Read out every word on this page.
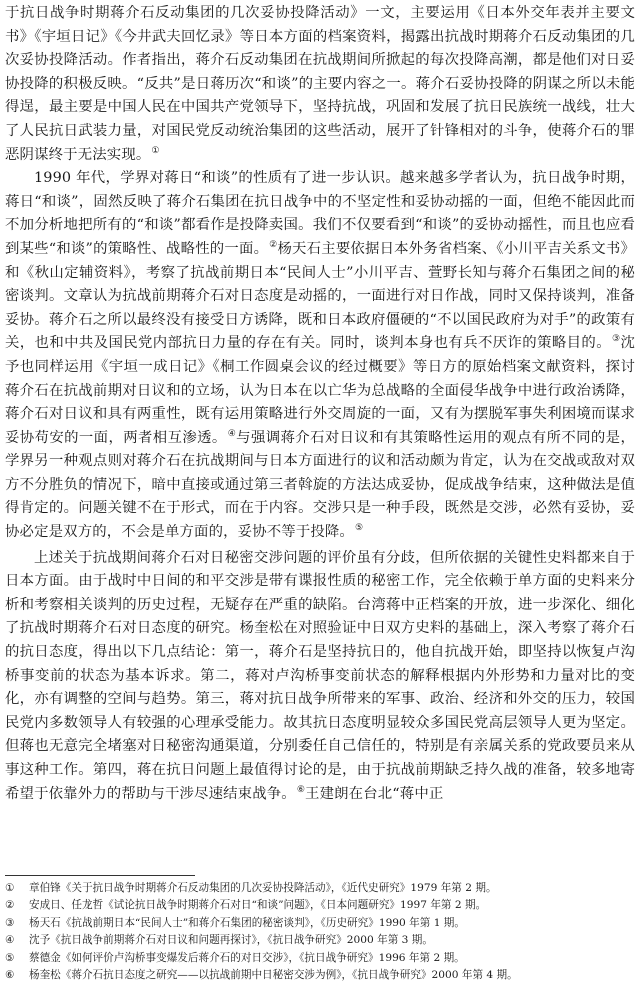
于抗日战争时期蒋介石反动集团的几次妥协投降活动》一文，主要运用《日本外交年表并主要文书》《宇垣日记》《今井武夫回忆录》等日本方面的档案资料，揭露出抗战时期蒋介石反动集团的几次妥协投降活动。作者指出，蒋介石反动集团在抗战期间所掀起的每次投降高潮，都是他们对日妥协投降的积极反映。“反共”是日蒋历次“和谈”的主要内容之一。蒋介石妥协投降的阴谋之所以未能得逞，最主要是中国人民在中国共产党领导下，坚持抗战，巩固和发展了抗日民族统一战线，壮大了人民抗日武装力量，对国民党反动统治集团的这些活动，展开了针锋相对的斗争，使蒋介石的罪恶阴谋终于无法实现。①

1990 年代，学界对蒋日“和谈”的性质有了进一步认识。越来越多学者认为，抗日战争时期，蒋日“和谈”，固然反映了蒋介石集团在抗日战争中的不坚定性和妥协动摇的一面，但绝不能因此而不加分析地把所有的“和谈”都看作是投降卖国。我们不仅要看到“和谈”的妥协动摇性，而且也应看到某些“和谈”的策略性、战略性的一面。②杨天石主要依据日本外务省档案、《小川平吉关系文书》和《秋山定辅资料》，考察了抗战前期日本“民间人士”小川平吉、萱野长知与蒋介石集团之间的秘密谈判。文章认为抗战前期蒋介石对日态度是动摇的，一面进行对日作战，同时又保持谈判，准备妥协。蒋介石之所以最终没有接受日方诱降，既和日本政府僵硬的“不以国民政府为对手”的政策有关，也和中共及国民党内部抗日力量的存在有关。同时，谈判本身也有兵不厌诈的策略目的。③沈予也同样运用《宇垣一成日记》《桐工作圆桌会议的经过概要》等日方的原始档案文献资料，探讨蒋介石在抗战前期对日议和的立场，认为日本在以亡华为总战略的全面侵华战争中进行政治诱降，蒋介石对日议和具有两重性，既有运用策略进行外交周旋的一面，又有为摆脱军事失利困境而谋求妥协苟安的一面，两者相互渗透。④与强调蒋介石对日议和有其策略性运用的观点有所不同的是，学界另一种观点则对蒋介石在抗战期间与日本方面进行的议和活动颇为肯定，认为在交战或敌对双方不分胜负的情况下，暗中直接或通过第三者斡旋的方法达成妥协，促成战争结束，这种做法是值得肯定的。问题关键不在于形式，而在于内容。交涉只是一种手段，既然是交涉，必然有妥协，妥协必定是双方的，不会是单方面的，妥协不等于投降。⑤

上述关于抗战期间蒋介石对日秘密交涉问题的评价虽有分歧，但所依据的关键性史料都来自于日本方面。由于战时中日间的和平交涉是带有谍报性质的秘密工作，完全依赖于单方面的史料来分析和考察相关谈判的历史过程，无疑存在严重的缺陷。台湾蒋中正档案的开放，进一步深化、细化了抗战时期蒋介石对日态度的研究。杨奎松在对照验证中日双方史料的基础上，深入考察了蒋介石的抗日态度，得出以下几点结论：第一，蒋介石是坚持抗日的，他自抗战开始，即坚持以恢复卢沟桥事变前的状态为基本诉求。第二，蒋对卢沟桥事变前状态的解释根据内外形势和力量对比的变化，亦有调整的空间与趋势。第三，蒋对抗日战争所带来的军事、政治、经济和外交的压力，较国民党内多数领导人有较强的心理承受能力。故其抗日态度明显较众多国民党高层领导人更为坚定。但蒋也无意完全堵塞对日秘密沟通渠道，分别委任自己信任的，特别是有亲属关系的党政要员来从事这种工作。第四，蒋在抗日问题上最值得讨论的是，由于抗战前期缺乏持久战的准备，较多地寄希望于依靠外力的帮助与干涉尽速结束战争。⑥王建朗在台北“蒋中正

① 章伯锋《关于抗日战争时期蒋介石反动集团的几次妥协投降活动》，《近代史研究》1979 年第 2 期。
② 安成日、任龙哲《试论抗日战争时期蒋介石对日“和谈”问题》，《日本问题研究》1997 年第 2 期。
③ 杨天石《抗战前期日本“民间人士”和蒋介石集团的秘密谈判》，《历史研究》1990 年第 1 期。
④ 沈予《抗日战争前期蒋介石对日议和问题再探讨》，《抗日战争研究》2000 年第 3 期。
⑤ 蔡德金《如何评价卢沟桥事变爆发后蒋介石的对日交涉》，《抗日战争研究》1996 年第 2 期。
⑥ 杨奎松《蒋介石抗日态度之研究——以抗战前期中日秘密交涉为例》，《抗日战争研究》2000 年第 4 期。
